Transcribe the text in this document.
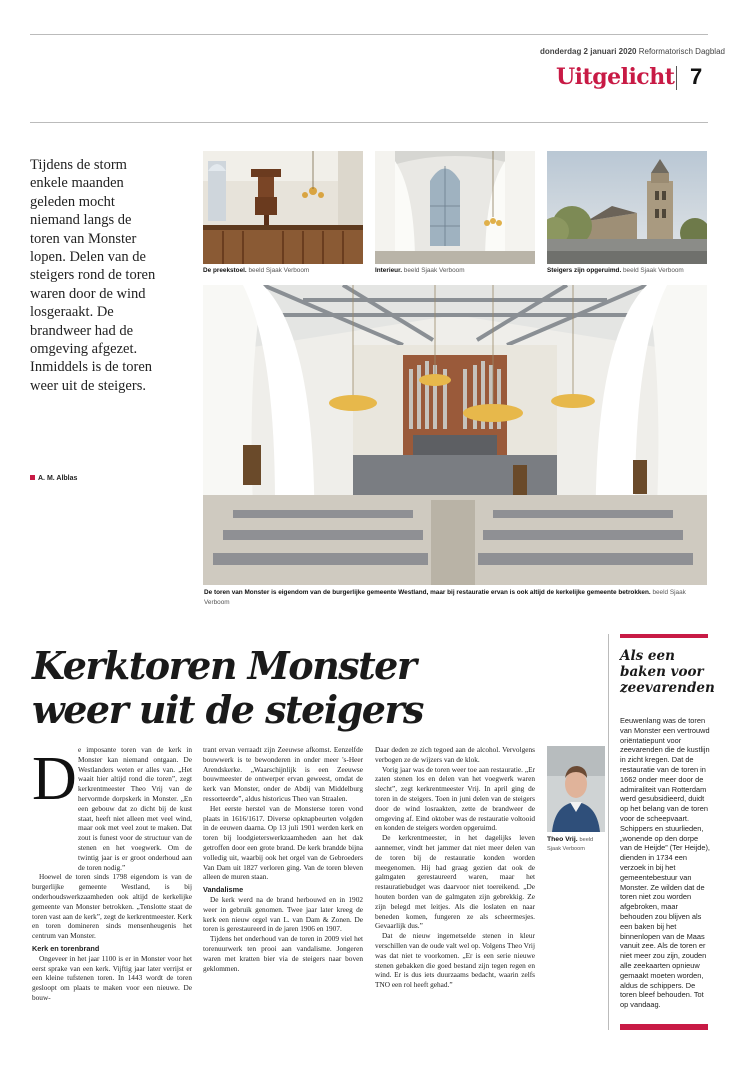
donderdag 2 januari 2020 Reformatorisch Dagblad
Uitgelicht 7
Tijdens de storm enkele maanden geleden mocht niemand langs de toren van Monster lopen. Delen van de steigers rond de toren waren door de wind losgeraakt. De brandweer had de omgeving afgezet. Inmiddels is de toren weer uit de steigers.
A. M. Alblas
De preekstoel. beeld Sjaak Verboom	Interieur. beeld Sjaak Verboom	Steigers zijn opgeruimd. beeld Sjaak Verboom
De toren van Monster is eigendom van de burgerlijke gemeente Westland, maar bij restauratie ervan is ook altijd de kerkelijke gemeente betrokken. beeld Sjaak Verboom
Kerktoren Monster weer uit de steigers
D e imposante toren van de kerk in Monster kan niemand ontgaan. De Westlanders weten er alles van. „Het waait hier altijd rond die toren”, zegt kerkrentmeester Theo Vrij van de hervormde dorpskerk in Monster. „En een gebouw dat zo dicht bij de kust staat, heeft niet alleen met veel wind, maar ook met veel zout te maken. Dat zout is funest voor de structuur van de stenen en het voegwerk. Om de twintig jaar is er groot onderhoud aan de toren nodig.”

Hoewel de toren sinds 1798 eigendom is van de burgerlijke gemeente Westland, is bij onderhoudswerkzaamheden ook altijd de kerkelijke gemeente van Monster betrokken. „Tenslotte staat de toren vast aan de kerk”, zegt de kerkrentmeester. Kerk en toren domineren sinds mensenheugenis het centrum van Monster.

Kerk en torenbrand

Ongeveer in het jaar 1100 is er in Monster voor het eerst sprake van een kerk. Vijftig jaar later verrijst er een kleine tufstenen toren. In 1443 wordt de toren gesloopt om plaats te maken voor een nieuwe. De bouw-

trant ervan verraadt zijn Zeeuwse afkomst. Eenzelfde bouwwerk is te bewonderen in onder meer 's-Heer Arendskerke. „Waarschijnlijk is een Zeeuwse bouwmeester de ontwerper ervan geweest, omdat de kerk van Monster, onder de Abdij van Middelburg ressorteerde”, aldus historicus Theo van Straalen.

Het eerste herstel van de Monsterse toren vond plaats in 1616/1617. Diverse opknapbeurten volgden in de eeuwen daarna. Op 13 juli 1901 werden kerk en toren bij loodgieterswerkzaamheden aan het dak getroffen door een grote brand. De kerk brandde bijna volledig uit, waarbij ook het orgel van de Gebroeders Van Dam uit 1827 verloren ging. Van de toren bleven alleen de muren staan.

Vandalisme

De kerk werd na de brand herbouwd en in 1902 weer in gebruik genomen. Twee jaar later kreeg de kerk een nieuw orgel van L. van Dam & Zonen. De toren is gerestaureerd in de jaren 1906 en 1907.

Tijdens het onderhoud van de toren in 2009 viel het torenuurwerk ten prooi aan vandalisme. Jongeren waren met kratten bier via de steigers naar boven geklommen.

Daar deden ze zich tegoed aan de alcohol. Vervolgens verbogen ze de wijzers van de klok.

Vorig jaar was de toren weer toe aan restauratie. „Er zaten stenen los en delen van het voegwerk waren slecht”, zegt kerkrentmeester Vrij. In april ging de toren in de steigers. Toen in juni delen van de steigers door de wind losraakten, zette de brandweer de omgeving af. Eind oktober was de restauratie voltooid en konden de steigers worden opgeruimd.

De kerkrentmeester, in het dagelijks leven aannemer, vindt het jammer dat niet meer delen van de toren bij de restauratie konden worden meegenomen. Hij had graag gezien dat ook de galmgaten gerestaureerd waren, maar het restauratiebudget was daarvoor niet toereikend. „De houten borden van de galmgaten zijn gebrekkig. Ze zijn belegd met leitjes. Als die loslaten en naar beneden komen, fungeren ze als scheermesjes. Gevaarlijk dus.”

Dat de nieuw ingemetselde stenen in kleur verschillen van de oude valt wel op. Volgens Theo Vrij was dat niet te voorkomen. „Er is een serie nieuwe stenen gebakken die goed bestand zijn tegen regen en wind. Er is dus iets duurzaams bedacht, waarin zelfs TNO een rol heeft gehad.”

Theo Vrij. beeld Sjaak Verboom
Als een baken voor zeevarenden
Eeuwenlang was de toren van Monster een vertrouwd oriëntatiepunt voor zeevarenden die de kustlijn in zicht kregen. Dat de restauratie van de toren in 1662 onder meer door de admiraliteit van Rotterdam werd gesubsidieerd, duidt op het belang van de toren voor de scheepvaart. Schippers en stuurlieden, „wonende op den dorpe van de Heijde” (Ter Heijde), dienden in 1734 een verzoek in bij het gemeentebestuur van Monster. Ze wilden dat de toren niet zou worden afgebroken, maar behouden zou blijven als een baken bij het binnenlopen van de Maas vanuit zee. Als de toren er niet meer zou zijn, zouden alle zeekaarten opnieuw gemaakt moeten worden, aldus de schippers. De toren bleef behouden. Tot op vandaag.
